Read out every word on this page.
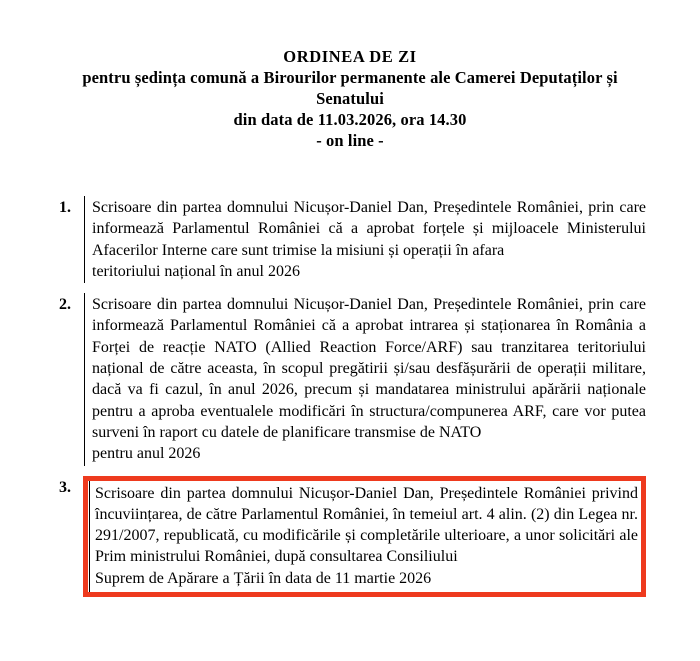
ORDINEA DE ZI
pentru ședința comună a Birourilor permanente ale Camerei Deputaților și
Senatului
din data de 11.03.2026, ora 14.30
- on line -
1.	Scrisoare din partea domnului Nicușor-Daniel Dan, Președintele României, prin care informează Parlamentul României că a aprobat forțele și mijloacele Ministerului Afacerilor Interne care sunt trimise la misiuni și operații în afara
teritoriului național în anul 2026

2.	Scrisoare din partea domnului Nicușor-Daniel Dan, Președintele României, prin care informează Parlamentul României că a aprobat intrarea și staționarea în România a Forței de reacție NATO (Allied Reaction Force/ARF) sau tranzitarea teritoriului național de către aceasta, în scopul pregătirii și/sau desfășurării de operații militare, dacă va fi cazul, în anul 2026, precum și mandatarea ministrului apărării naționale pentru a aproba eventualele modificări în structura/compunerea ARF, care vor putea surveni în raport cu datele de planificare transmise de NATO
pentru anul 2026

3.	Scrisoare din partea domnului Nicușor-Daniel Dan, Președintele României privind încuviințarea, de către Parlamentul României, în temeiul art. 4 alin. (2) din Legea nr. 291/2007, republicată, cu modificările și completările ulterioare, a unor solicitări ale Prim ministrului României, după consultarea Consiliului
Suprem de Apărare a Țării în data de 11 martie 2026
